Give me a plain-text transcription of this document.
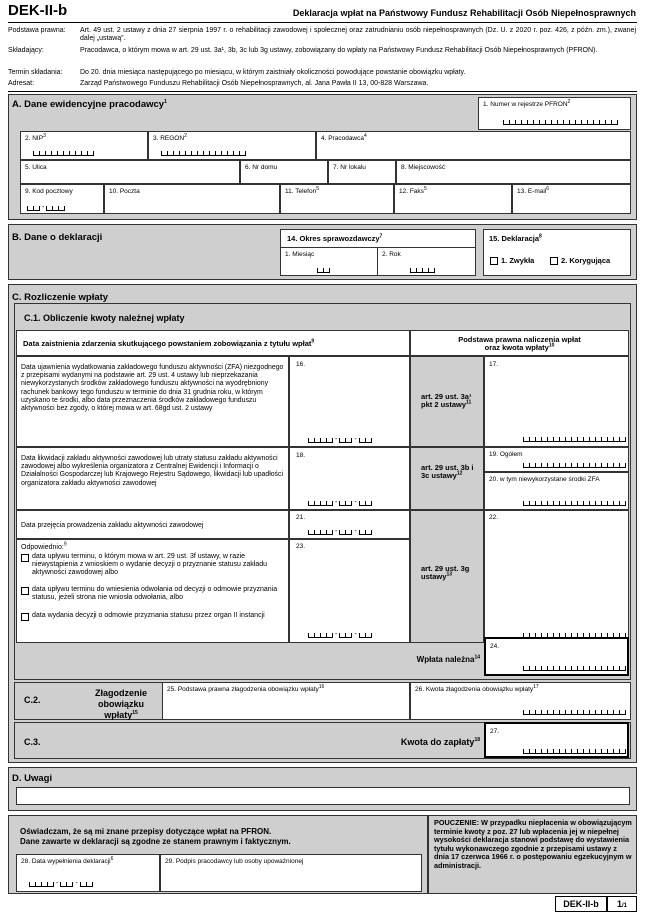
DEK-II-b	Deklaracja wpłat na Państwowy Fundusz Rehabilitacji Osób Niepełnosprawnych
Podstawa prawna:	Art. 49 ust. 2 ustawy z dnia 27 sierpnia 1997 r. o rehabilitacji zawodowej i społecznej oraz zatrudnianiu osób niepełnosprawnych (Dz. U. z 2020 r. poz. 426, z późn. zm.), zwanej dalej „ustawą”.
Składający:	Pracodawca, o którym mowa w art. 29 ust. 3a¹, 3b, 3c lub 3g ustawy, zobowiązany do wpłaty na Państwowy Fundusz Rehabilitacji Osób Niepełnosprawnych (PFRON).
Termin składania:	Do 20. dnia miesiąca następującego po miesiącu, w którym zaistniały okoliczności powodujące powstanie obowiązku wpłaty.
Adresat:	Zarząd Państwowego Funduszu Rehabilitacji Osób Niepełnosprawnych, al. Jana Pawła II 13, 00-828 Warszawa.
A. Dane ewidencyjne pracodawcy$^1$	1. Numer w rejestrze PFRON$^2$
2. NIP$^3$	3. REGON$^2$	4. Pracodawca$^4$
5. Ulica	6. Nr domu	7. Nr lokalu	8. Miejscowość
9. Kod pocztowy
-
10. Poczta	11. Telefon$^5$	12. Faks$^5$	13. E-mail$^6$
B. Dane o deklaracji	14. Okres sprawozdawczy$^7$
1. Miesiąc	2. Rok
15. Deklaracja$^8$
1. Zwykła	2. Korygująca
C. Rozliczenie wpłaty
C.1. Obliczenie kwoty należnej wpłaty
Data zaistnienia zdarzenia skutkującego powstaniem zobowiązania z tytułu wpłat$^9$	Podstawa prawna naliczenia wpłat
oraz kwota wpłaty$^{10}$
Data ujawnienia wydatkowania zakładowego funduszu aktywności (ZFA) niezgodnego z przepisami wydanymi na podstawie art. 29 ust. 4 ustawy lub nieprzekazania niewykorzystanych środków zakładowego funduszu aktywności na wyodrębniony rachunek bankowy tego funduszu w terminie do dnia 31 grudnia roku, w którym uzyskano te środki, albo data przeznaczenia środków zakładowego funduszu aktywności bez zgody, o której mowa w art. 68gd ust. 2 ustawy
16.
- -
art. 29 ust. 3a¹ pkt 2 ustawy$^{11}$
17.
Data likwidacji zakładu aktywności zawodowej lub utraty statusu zakładu aktywności zawodowej albo wykreślenia organizatora z Centralnej Ewidencji i Informacji o Działalności Gospodarczej lub Krajowego Rejestru Sądowego, likwidacji lub upadłości organizatora zakładu aktywności zawodowej
18.
- -
art. 29 ust. 3b i 3c ustawy$^{12}$
19. Ogółem
20. w tym niewykorzystane środki ZFA
Data przejęcia prowadzenia zakładu aktywności zawodowej
21.
- -
art. 29 ust. 3g ustawy$^{13}$
22.
Odpowiednio:$^9$
data upływu terminu, o którym mowa w art. 29 ust. 3f ustawy, w razie niewystąpienia z wnioskiem o wydanie decyzji o przyznanie statusu zakładu aktywności zawodowej albo
data upływu terminu do wniesienia odwołania od decyzji o odmowie przyznania statusu, jeżeli strona nie wniosła odwołania, albo
data wydania decyzji o odmowie przyznania statusu przez organ II instancji
23.
- -
Wpłata należna$^{14}$
24.
C.2.
Złagodzenie obowiązku wpłaty$^{15}$
25. Podstawa prawna złagodzenia obowiązku wpłaty$^{16}$	26. Kwota złagodzenia obowiązku wpłaty$^{17}$
C.3.	Kwota do zapłaty$^{18}$
27.
D. Uwagi
Oświadczam, że są mi znane przepisy dotyczące wpłat na PFRON.
Dane zawarte w deklaracji są zgodne ze stanem prawnym i faktycznym.
28. Data wypełnienia deklaracji$^6$
- -
29. Podpis pracodawcy lub osoby upoważnionej
POUCZENIE: W przypadku niepłacenia w obowiązującym terminie kwoty z poz. 27 lub wpłacenia jej w niepełnej wysokości deklaracja stanowi podstawę do wystawienia tytułu wykonawczego zgodnie z przepisami ustawy z dnia 17 czerwca 1966 r. o postępowaniu egzekucyjnym w administracji.
DEK-II-b	1/1
